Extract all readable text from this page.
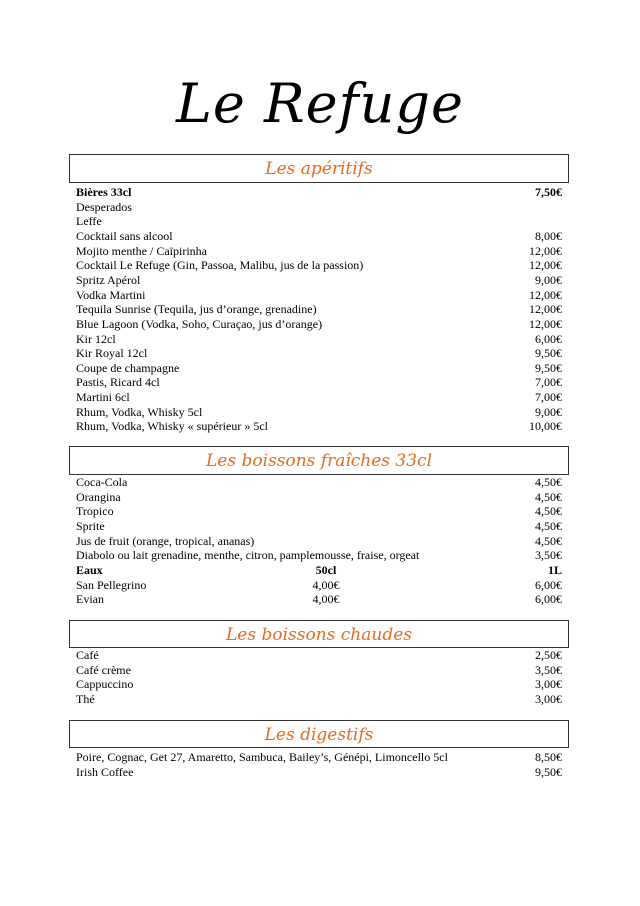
Le Refuge
Les apéritifs
Bières 33cl	7,50€
Desperados
Leffe
Cocktail sans alcool	8,00€
Mojito menthe / Caïpirinha	12,00€
Cocktail Le Refuge (Gin, Passoa, Malibu, jus de la passion)	12,00€
Spritz Apérol	9,00€
Vodka Martini	12,00€
Tequila Sunrise (Tequila, jus d’orange, grenadine)	12,00€
Blue Lagoon (Vodka, Soho, Curaçao, jus d’orange)	12,00€
Kir 12cl	6,00€
Kir Royal 12cl	9,50€
Coupe de champagne	9,50€
Pastis, Ricard 4cl	7,00€
Martini 6cl	7,00€
Rhum, Vodka, Whisky 5cl	9,00€
Rhum, Vodka, Whisky « supérieur » 5cl	10,00€
Les boissons fraîches 33cl
Coca-Cola	4,50€
Orangina	4,50€
Tropico	4,50€
Sprite	4,50€
Jus de fruit (orange, tropical, ananas)	4,50€
Diabolo ou lait grenadine, menthe, citron, pamplemousse, fraise, orgeat	3,50€
Eaux	50cl	1L
San Pellegrino	4,00€	6,00€
Evian	4,00€	6,00€
Les boissons chaudes
Café	2,50€
Café crème	3,50€
Cappuccino	3,00€
Thé	3,00€
Les digestifs
Poire, Cognac, Get 27, Amaretto, Sambuca, Bailey’s, Génépi, Limoncello 5cl	8,50€
Irish Coffee	9,50€
